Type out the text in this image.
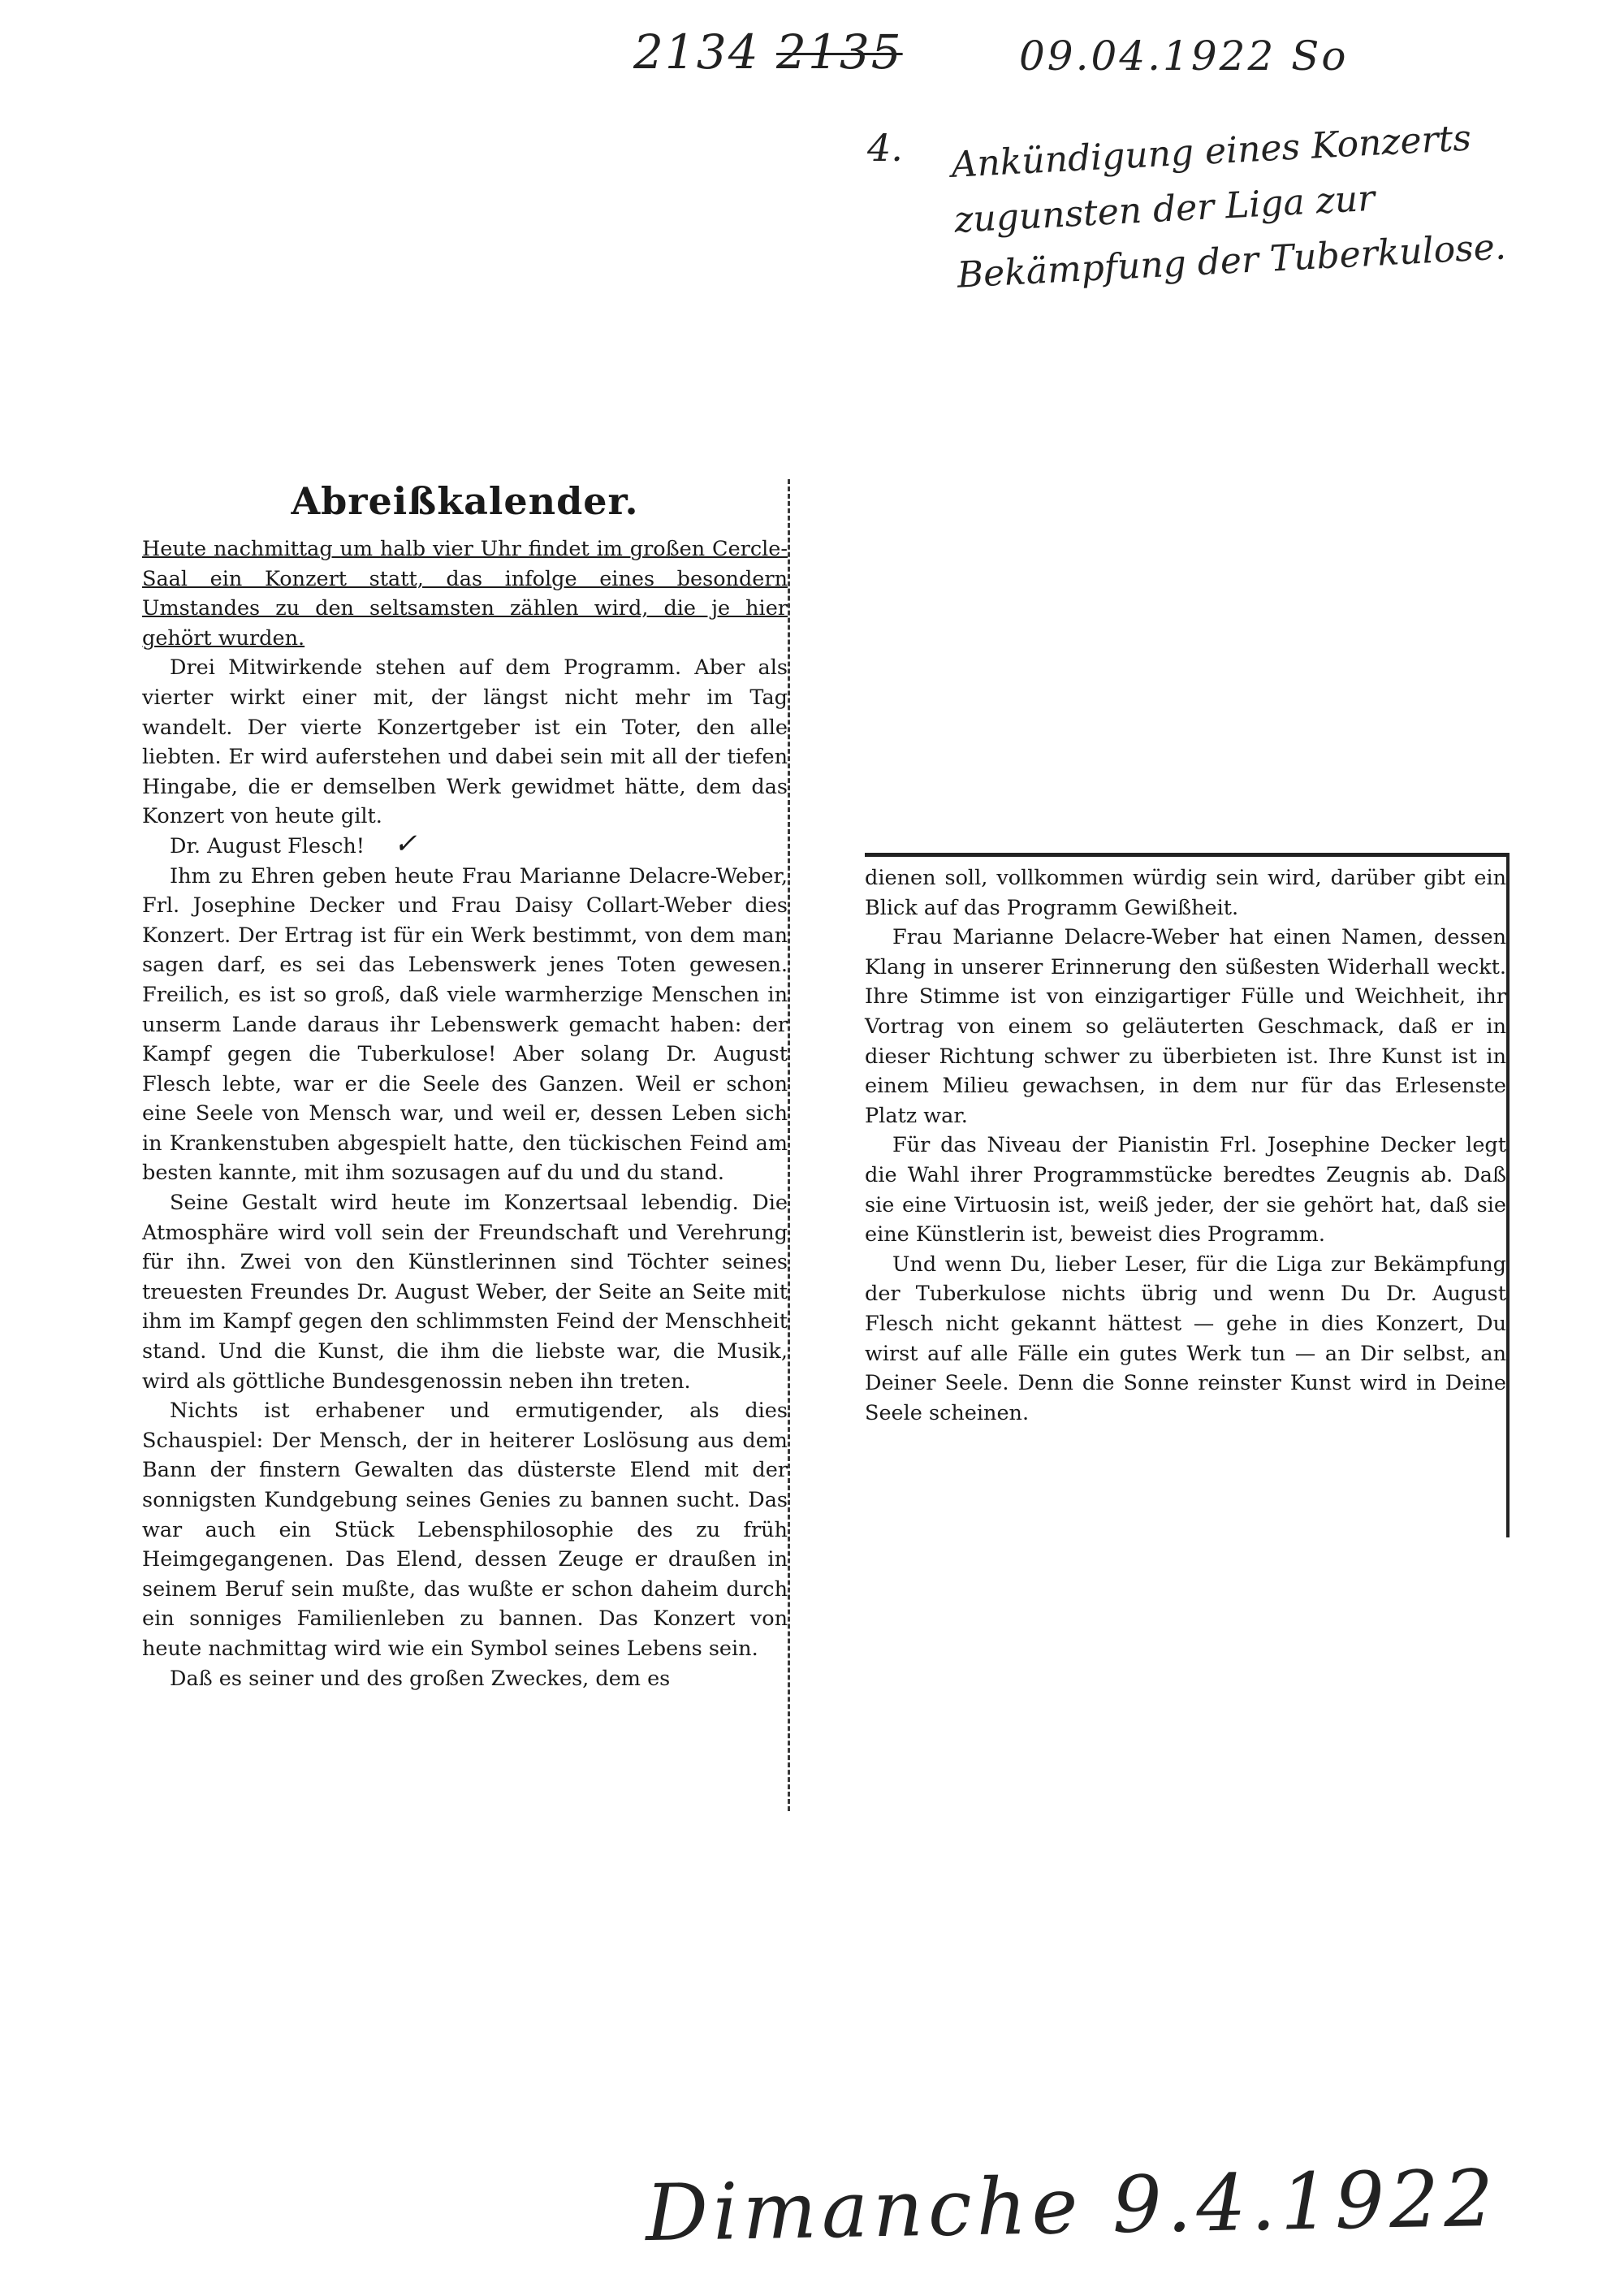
2134 2135	09.04.1922 So
4. Ankündigung eines Konzerts zugunsten der Liga zur Bekämpfung der Tuberkulose.
Abreißkalender.

Heute nachmittag um halb vier Uhr findet im großen Cercle-Saal ein Konzert statt, das infolge eines besondern Umstandes zu den seltsamsten zählen wird, die je hier gehört wurden.

Drei Mitwirkende stehen auf dem Programm. Aber als vierter wirkt einer mit, der längst nicht mehr im Tag wandelt. Der vierte Konzertgeber ist ein Toter, den alle liebten. Er wird auferstehen und dabei sein mit all der tiefen Hingabe, die er demselben Werk gewidmet hätte, dem das Konzert von heute gilt.

Dr. August Flesch! ✓

Ihm zu Ehren geben heute Frau Marianne Delacre-Weber, Frl. Josephine Decker und Frau Daisy Collart-Weber dies Konzert. Der Ertrag ist für ein Werk bestimmt, von dem man sagen darf, es sei das Lebenswerk jenes Toten gewesen. Freilich, es ist so groß, daß viele warmherzige Menschen in unserm Lande daraus ihr Lebenswerk gemacht haben: der Kampf gegen die Tuberkulose! Aber solang Dr. August Flesch lebte, war er die Seele des Ganzen. Weil er schon eine Seele von Mensch war, und weil er, dessen Leben sich in Krankenstuben abgespielt hatte, den tückischen Feind am besten kannte, mit ihm sozusagen auf du und du stand.

Seine Gestalt wird heute im Konzertsaal lebendig. Die Atmosphäre wird voll sein der Freundschaft und Verehrung für ihn. Zwei von den Künstlerinnen sind Töchter seines treuesten Freundes Dr. August Weber, der Seite an Seite mit ihm im Kampf gegen den schlimmsten Feind der Menschheit stand. Und die Kunst, die ihm die liebste war, die Musik, wird als göttliche Bundesgenossin neben ihn treten.

Nichts ist erhabener und ermutigender, als dies Schauspiel: Der Mensch, der in heiterer Loslösung aus dem Bann der finstern Gewalten das düsterste Elend mit der sonnigsten Kundgebung seines Genies zu bannen sucht. Das war auch ein Stück Lebensphilosophie des zu früh Heimgegangenen. Das Elend, dessen Zeuge er draußen in seinem Beruf sein mußte, das wußte er schon daheim durch ein sonniges Familienleben zu bannen. Das Konzert von heute nachmittag wird wie ein Symbol seines Lebens sein.

Daß es seiner und des großen Zweckes, dem es

dienen soll, vollkommen würdig sein wird, darüber gibt ein Blick auf das Programm Gewißheit.

Frau Marianne Delacre-Weber hat einen Namen, dessen Klang in unserer Erinnerung den süßesten Widerhall weckt. Ihre Stimme ist von einzigartiger Fülle und Weichheit, ihr Vortrag von einem so geläuterten Geschmack, daß er in dieser Richtung schwer zu überbieten ist. Ihre Kunst ist in einem Milieu gewachsen, in dem nur für das Erlesenste Platz war.

Für das Niveau der Pianistin Frl. Josephine Decker legt die Wahl ihrer Programmstücke beredtes Zeugnis ab. Daß sie eine Virtuosin ist, weiß jeder, der sie gehört hat, daß sie eine Künstlerin ist, beweist dies Programm.

Und wenn Du, lieber Leser, für die Liga zur Bekämpfung der Tuberkulose nichts übrig und wenn Du Dr. August Flesch nicht gekannt hättest — gehe in dies Konzert, Du wirst auf alle Fälle ein gutes Werk tun — an Dir selbst, an Deiner Seele. Denn die Sonne reinster Kunst wird in Deine Seele scheinen.

Dimanche 9.4.1922
